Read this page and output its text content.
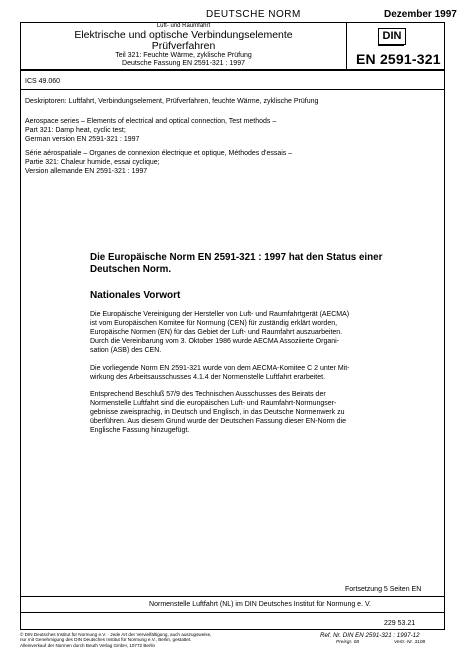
DEUTSCHE NORM	Dezember 1997
Luft- und Raumfahrt
Elektrische und optische Verbindungselemente
Prüfverfahren
Teil 321: Feuchte Wärme, zyklische Prüfung
Deutsche Fassung EN 2591-321 : 1997
DIN
EN 2591-321
ICS 49.060
Deskriptoren: Luftfahrt, Verbindungselement, Prüfverfahren, feuchte Wärme, zyklische Prüfung
Aerospace series – Elements of electrical and optical connection, Test methods –
Part 321: Damp heat, cyclic test;
German version EN 2591-321 : 1997
Série aérospatiale – Organes de connexion électrique et optique, Méthodes d'essais –
Partie 321: Chaleur humide, essai cyclique;
Version allemande EN 2591-321 : 1997
Die Europäische Norm EN 2591-321 : 1997 hat den Status einer
Deutschen Norm.
Nationales Vorwort
Die Europäische Vereinigung der Hersteller von Luft- und Raumfahrtgerät (AECMA)
ist vom Europäischen Komitee für Normung (CEN) für zuständig erklärt worden,
Europäische Normen (EN) für das Gebiet der Luft- und Raumfahrt auszuarbeiten.
Durch die Vereinbarung vom 3. Oktober 1986 wurde AECMA Assoziierte Organi-
sation (ASB) des CEN.
Die vorliegende Norm EN 2591-321 wurde von dem AECMA-Komitee C 2 unter Mit-
wirkung des Arbeitsausschusses 4.1.4 der Normenstelle Luftfahrt erarbeitet.
Entsprechend Beschluß 57/9 des Technischen Ausschusses des Beirats der
Normenstelle Luftfahrt sind die europäischen Luft- und Raumfahrt-Normungser-
gebnisse zweisprachig, in Deutsch und Englisch, in das Deutsche Normenwerk zu
überführen. Aus diesem Grund wurde der Deutschen Fassung dieser EN-Norm die
Englische Fassung hinzugefügt.
Fortsetzung 5 Seiten EN
Normenstelle Luftfahrt (NL) im DIN Deutsches Institut für Normung e. V.
229 53.21
© DIN Deutsches Institut für Normung e.V. · Jede Art der Vervielfältigung, auch auszugsweise,
nur mit Genehmigung des DIN Deutsches Institut für Normung e.V., Berlin, gestattet.
Alleinverkauf der Normen durch Beuth Verlag GmbH, 10772 Berlin
Ref. Nr. DIN EN 2591-321 : 1997-12
Preisgr. 08	Vertr.-Nr. 3108
